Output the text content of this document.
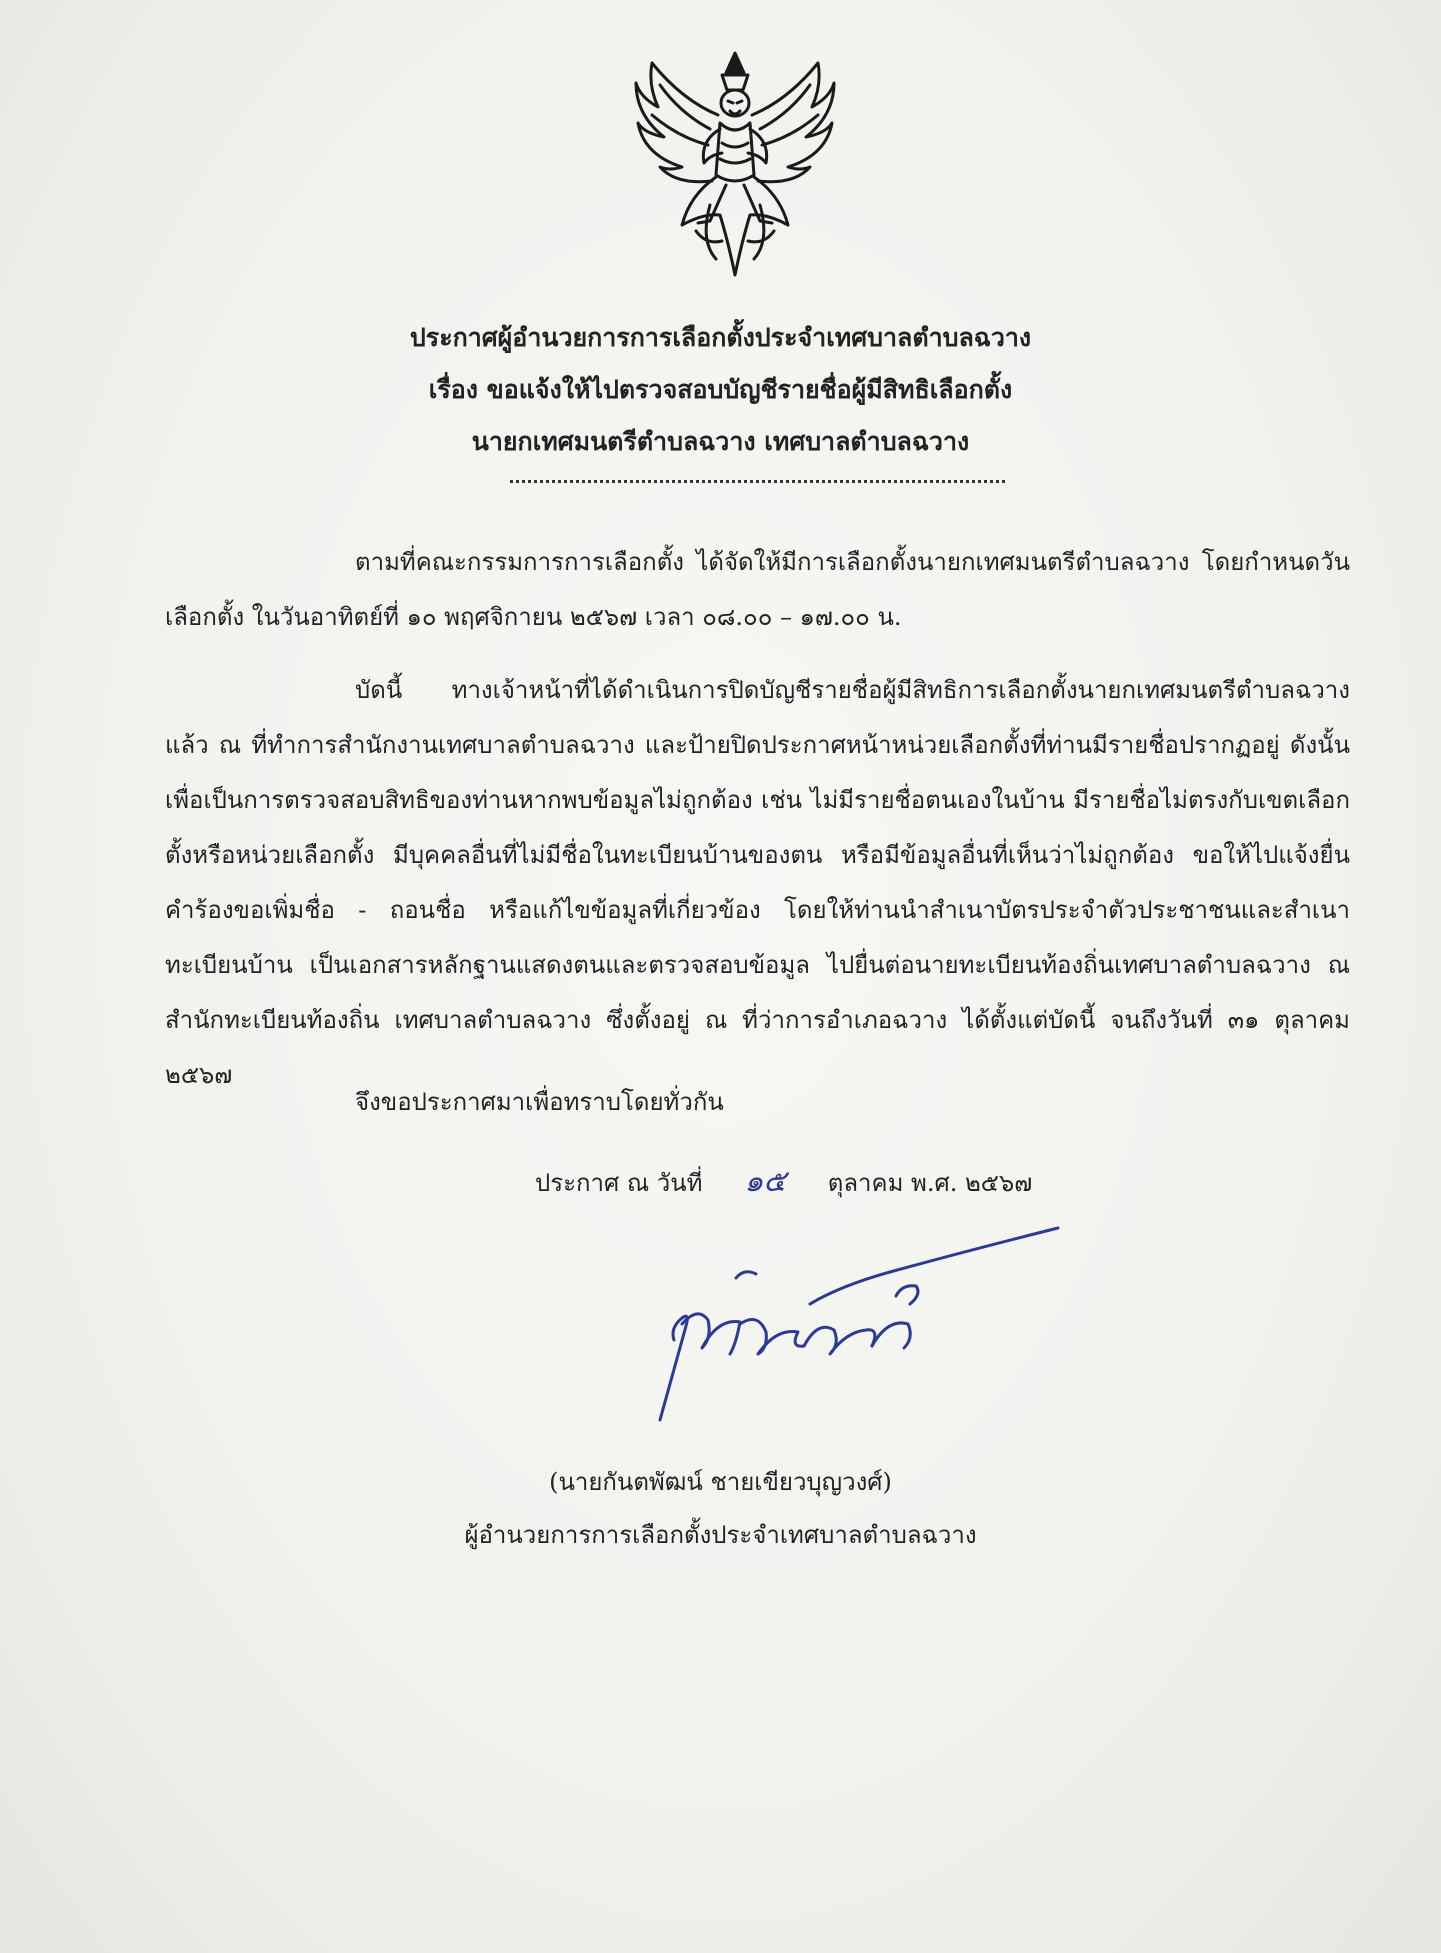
ประกาศผู้อำนวยการการเลือกตั้งประจำเทศบาลตำบลฉวาง
เรื่อง ขอแจ้งให้ไปตรวจสอบบัญชีรายชื่อผู้มีสิทธิเลือกตั้ง
นายกเทศมนตรีตำบลฉวาง เทศบาลตำบลฉวาง
ตามที่คณะกรรมการการเลือกตั้ง ได้จัดให้มีการเลือกตั้งนายกเทศมนตรีตำบลฉวาง โดยกำหนดวันเลือกตั้ง ในวันอาทิตย์ที่ ๑๐ พฤศจิกายน ๒๕๖๗ เวลา ๐๘.๐๐ – ๑๗.๐๐ น.
บัดนี้ ทางเจ้าหน้าที่ได้ดำเนินการปิดบัญชีรายชื่อผู้มีสิทธิการเลือกตั้งนายกเทศมนตรีตำบลฉวาง แล้ว ณ ที่ทำการสำนักงานเทศบาลตำบลฉวาง และป้ายปิดประกาศหน้าหน่วยเลือกตั้งที่ท่านมีรายชื่อปรากฏอยู่ ดังนั้น เพื่อเป็นการตรวจสอบสิทธิของท่านหากพบข้อมูลไม่ถูกต้อง เช่น ไม่มีรายชื่อตนเองในบ้าน มีรายชื่อไม่ตรงกับเขตเลือกตั้งหรือหน่วยเลือกตั้ง มีบุคคลอื่นที่ไม่มีชื่อในทะเบียนบ้านของตน หรือมีข้อมูลอื่นที่เห็นว่าไม่ถูกต้อง ขอให้ไปแจ้งยื่นคำร้องขอเพิ่มชื่อ - ถอนชื่อ หรือแก้ไขข้อมูลที่เกี่ยวข้อง โดยให้ท่านนำสำเนาบัตรประจำตัวประชาชนและสำเนาทะเบียนบ้าน เป็นเอกสารหลักฐานแสดงตนและตรวจสอบข้อมูล ไปยื่นต่อนายทะเบียนท้องถิ่นเทศบาลตำบลฉวาง ณ สำนักทะเบียนท้องถิ่น เทศบาลตำบลฉวาง ซึ่งตั้งอยู่ ณ ที่ว่าการอำเภอฉวาง ได้ตั้งแต่บัดนี้ จนถึงวันที่ ๓๑ ตุลาคม ๒๕๖๗
จึงขอประกาศมาเพื่อทราบโดยทั่วกัน
ประกาศ ณ วันที่ ๑๕ ตุลาคม พ.ศ. ๒๕๖๗
(นายกันตพัฒน์ ชายเขียวบุญวงศ์)
ผู้อำนวยการการเลือกตั้งประจำเทศบาลตำบลฉวาง
